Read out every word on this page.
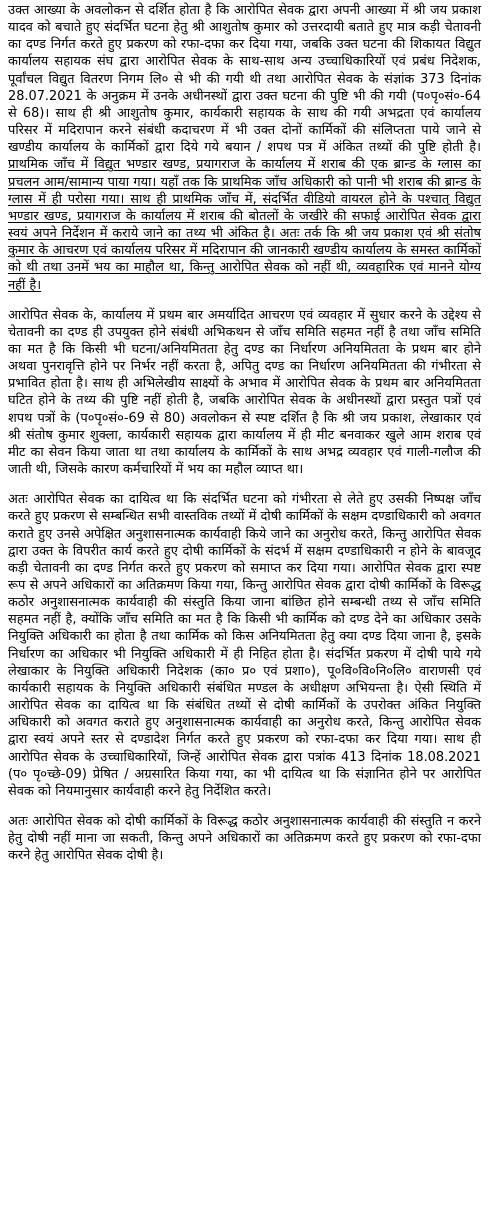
उक्त आख्या के अवलोकन से दर्शित होता है कि आरोपित सेवक द्वारा अपनी आख्या में श्री जय प्रकाश यादव को बचाते हुए संदर्भित घटना हेतु श्री आशुतोष कुमार को उत्तरदायी बताते हुए मात्र कड़ी चेतावनी का दण्ड निर्गत करते हुए प्रकरण को रफा-दफा कर दिया गया, जबकि उक्त घटना की शिकायत विद्युत कार्यालय सहायक संघ द्वारा आरोपित सेवक के साथ-साथ अन्य उच्चाधिकारियों एवं प्रबंध निदेशक, पूर्वांचल विद्युत वितरण निगम लि० से भी की गयी थी तथा आरोपित सेवक के संज्ञांक 373 दिनांक 28.07.2021 के अनुक्रम में उनके अधीनस्थों द्वारा उक्त घटना की पुष्टि भी की गयी (प०पृ०सं०-64 से 68)। साथ ही श्री आशुतोष कुमार, कार्यकारी सहायक के साथ की गयी अभद्रता एवं कार्यालय परिसर में मदिरापान करने संबंधी कदाचरण में भी उक्त दोनों कार्मिकों की संलिप्तता पाये जाने से खण्डीय कार्यालय के कार्मिकों द्वारा दिये गये बयान / शपथ पत्र में अंकित तथ्यों की पुष्टि होती है। प्राथमिक जाँच में विद्युत भण्डार खण्ड, प्रयागराज के कार्यालय में शराब की एक ब्रान्ड के ग्लास का प्रचलन आम/सामान्य पाया गया। यहाँ तक कि प्राथमिक जाँच अधिकारी को पानी भी शराब की ब्रान्ड के ग्लास में ही परोसा गया। साथ ही प्राथमिक जाँच में, संदर्भित वीडियो वायरल होने के पश्चात् विद्युत भण्डार खण्ड, प्रयागराज के कार्यालय में शराब की बोतलों के जखीरे की सफाई आरोपित सेवक द्वारा स्वयं अपने निर्देशन में कराये जाने का तथ्य भी अंकित है। अतः तर्क कि श्री जय प्रकाश एवं श्री संतोष कुमार के आचरण एवं कार्यालय परिसर में मदिरापान की जानकारी खण्डीय कार्यालय के समस्त कार्मिकों को थी तथा उनमें भय का माहौल था, किन्तु आरोपित सेवक को नहीं थी, व्यवहारिक एवं मानने योग्य नहीं है।

आरोपित सेवक के, कार्यालय में प्रथम बार अमर्यादित आचरण एवं व्यवहार में सुधार करने के उद्देश्य से चेतावनी का दण्ड ही उपयुक्त होने संबंधी अभिकथन से जाँच समिति सहमत नहीं है तथा जाँच समिति का मत है कि किसी भी घटना/अनियमितता हेतु दण्ड का निर्धारण अनियमितता के प्रथम बार होने अथवा पुनरावृत्ति होने पर निर्भर नहीं करता है, अपितु दण्ड का निर्धारण अनियमितता की गंभीरता से प्रभावित होता है। साथ ही अभिलेखीय साक्ष्यों के अभाव में आरोपित सेवक के प्रथम बार अनियमितता घटित होने के तथ्य की पुष्टि नहीं होती है, जबकि आरोपित सेवक के अधीनस्थों द्वारा प्रस्तुत पत्रों एवं शपथ पत्रों के (प०पृ०सं०-69 से 80) अवलोकन से स्पष्ट दर्शित है कि श्री जय प्रकाश, लेखाकार एवं श्री संतोष कुमार शुक्ला, कार्यकारी सहायक द्वारा कार्यालय में ही मीट बनवाकर खुले आम शराब एवं मीट का सेवन किया जाता था तथा कार्यालय के कार्मिकों के साथ अभद्र व्यवहार एवं गाली-गलौज की जाती थी, जिसके कारण कर्मचारियों में भय का महौल व्याप्त था।

अतः आरोपित सेवक का दायित्व था कि संदर्भित घटना को गंभीरता से लेते हुए उसकी निष्पक्ष जाँच करते हुए प्रकरण से सम्बन्धित सभी वास्तविक तथ्यों में दोषी कार्मिकों के सक्षम दण्डाधिकारी को अवगत कराते हुए उनसे अपेक्षित अनुशासनात्मक कार्यवाही किये जाने का अनुरोध करते, किन्तु आरोपित सेवक द्वारा उक्त के विपरीत कार्य करते हुए दोषी कार्मिकों के संदर्भ में सक्षम दण्डाधिकारी न होने के बावजूद कड़ी चेतावनी का दण्ड निर्गत करते हुए प्रकरण को समाप्त कर दिया गया। आरोपित सेवक द्वारा स्पष्ट रूप से अपने अधिकारों का अतिक्रमण किया गया, किन्तु आरोपित सेवक द्वारा दोषी कार्मिकों के विरूद्ध कठोर अनुशासनात्मक कार्यवाही की संस्तुति किया जाना बांछित होने सम्बन्धी तथ्य से जाँच समिति सहमत नहीं है, क्योंकि जाँच समिति का मत है कि किसी भी कार्मिक को दण्ड देने का अधिकार उसके नियुक्ति अधिकारी का होता है तथा कार्मिक को किस अनियमितता हेतु क्या दण्ड दिया जाना है, इसके निर्धारण का अधिकार भी नियुक्ति अधिकारी में ही निहित होता है। संदर्भित प्रकरण में दोषी पाये गये लेखाकार के नियुक्ति अधिकारी निदेशक (का० प्र० एवं प्रशा०), पू०वि०वि०नि०लि० वाराणसी एवं कार्यकारी सहायक के नियुक्ति अधिकारी संबंधित मण्डल के अधीक्षण अभियन्ता है। ऐसी स्थिति में आरोपित सेवक का दायित्व था कि संबंधित तथ्यों से दोषी कार्मिकों के उपरोक्त अंकित नियुक्ति अधिकारी को अवगत कराते हुए अनुशासनात्मक कार्यवाही का अनुरोध करते, किन्तु आरोपित सेवक द्वारा स्वयं अपने स्तर से दण्डादेश निर्गत करते हुए प्रकरण को रफा-दफा कर दिया गया। साथ ही आरोपित सेवक के उच्चाधिकारियों, जिन्हें आरोपित सेवक द्वारा पत्रांक 413 दिनांक 18.08.2021 (प० पृ०च्छे-09) प्रेषित / अग्रसारित किया गया, का भी दायित्व था कि संज्ञानित होने पर आरोपित सेवक को नियमानुसार कार्यवाही करने हेतु निर्देशित करते।

अतः आरोपित सेवक को दोषी कार्मिकों के विरूद्ध कठोर अनुशासनात्मक कार्यवाही की संस्तुति न करने हेतु दोषी नहीं माना जा सकती, किन्तु अपने अधिकारों का अतिक्रमण करते हुए प्रकरण को रफा-दफा करने हेतु आरोपित सेवक दोषी है।
